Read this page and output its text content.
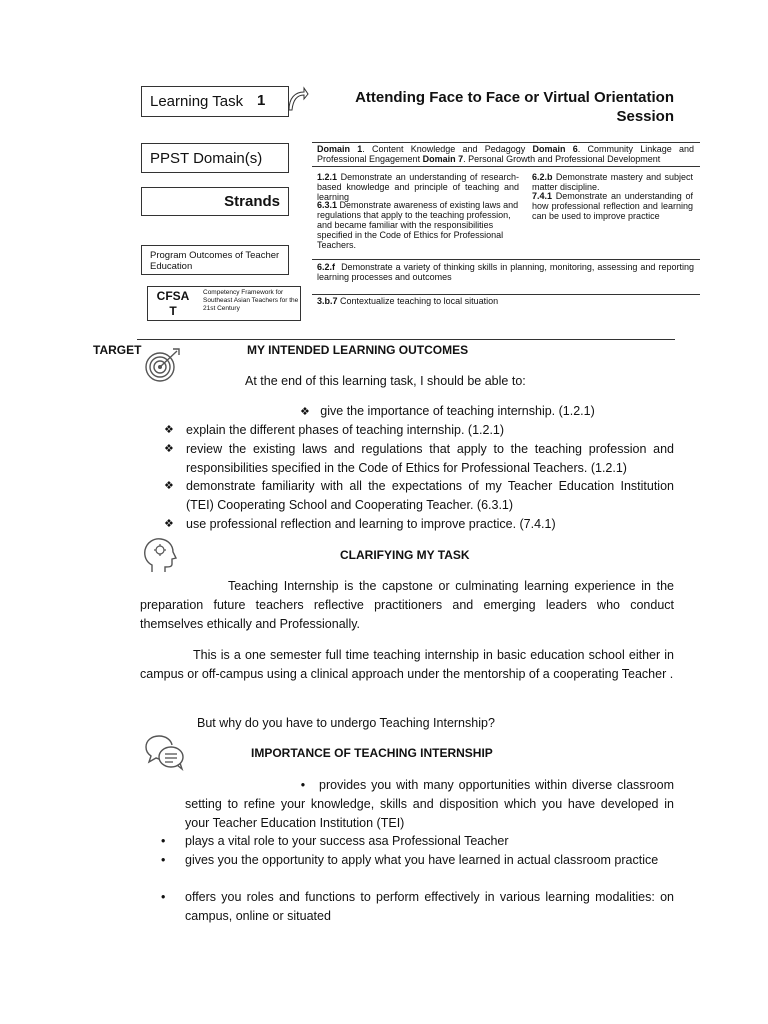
Learning Task 1	Attending Face to Face or Virtual Orientation Session
PPST Domain(s)
Strands
Program Outcomes of Teacher Education
CFSA T
Competency Framework for Southeast Asian Teachers for the 21st Century
Domain 1. Content Knowledge and Pedagogy Domain 6. Community Linkage and Professional Engagement Domain 7. Personal Growth and Professional Development
1.2.1 Demonstrate an understanding of research-based knowledge and principle of teaching and learning
6.3.1 Demonstrate awareness of existing laws and regulations that apply to the teaching profession, and became familiar with the responsibilities specified in the Code of Ethics for Professional Teachers.
6.2.b Demonstrate mastery and subject matter discipline.
7.4.1 Demonstrate an understanding of how professional reflection and learning can be used to improve practice
6.2.f Demonstrate a variety of thinking skills in planning, monitoring, assessing and reporting learning processes and outcomes
3.b.7 Contextualize teaching to local situation
TARGET	MY INTENDED LEARNING OUTCOMES
At the end of this learning task, I should be able to:
❖ give the importance of teaching internship. (1.2.1)
❖ explain the different phases of teaching internship. (1.2.1)
❖ review the existing laws and regulations that apply to the teaching profession and responsibilities specified in the Code of Ethics for Professional Teachers. (1.2.1)
❖ demonstrate familiarity with all the expectations of my Teacher Education Institution (TEI) Cooperating School and Cooperating Teacher. (6.3.1)
❖ use professional reflection and learning to improve practice. (7.4.1)
CLARIFYING MY TASK
Teaching Internship is the capstone or culminating learning experience in the preparation future teachers reflective practitioners and emerging leaders who conduct themselves ethically and Professionally.
This is a one semester full time teaching internship in basic education school either in campus or off-campus using a clinical approach under the mentorship of a cooperating Teacher .
But why do you have to undergo Teaching Internship?
IMPORTANCE OF TEACHING INTERNSHIP
•    provides you with many opportunities within diverse classroom setting to refine your knowledge, skills and disposition which you have developed in your Teacher Education Institution (TEI)
• plays a vital role to your success asa Professional Teacher
• gives you the opportunity to apply what you have learned in actual classroom practice
• offers you roles and functions to perform effectively in various learning modalities: on campus, online or situated
